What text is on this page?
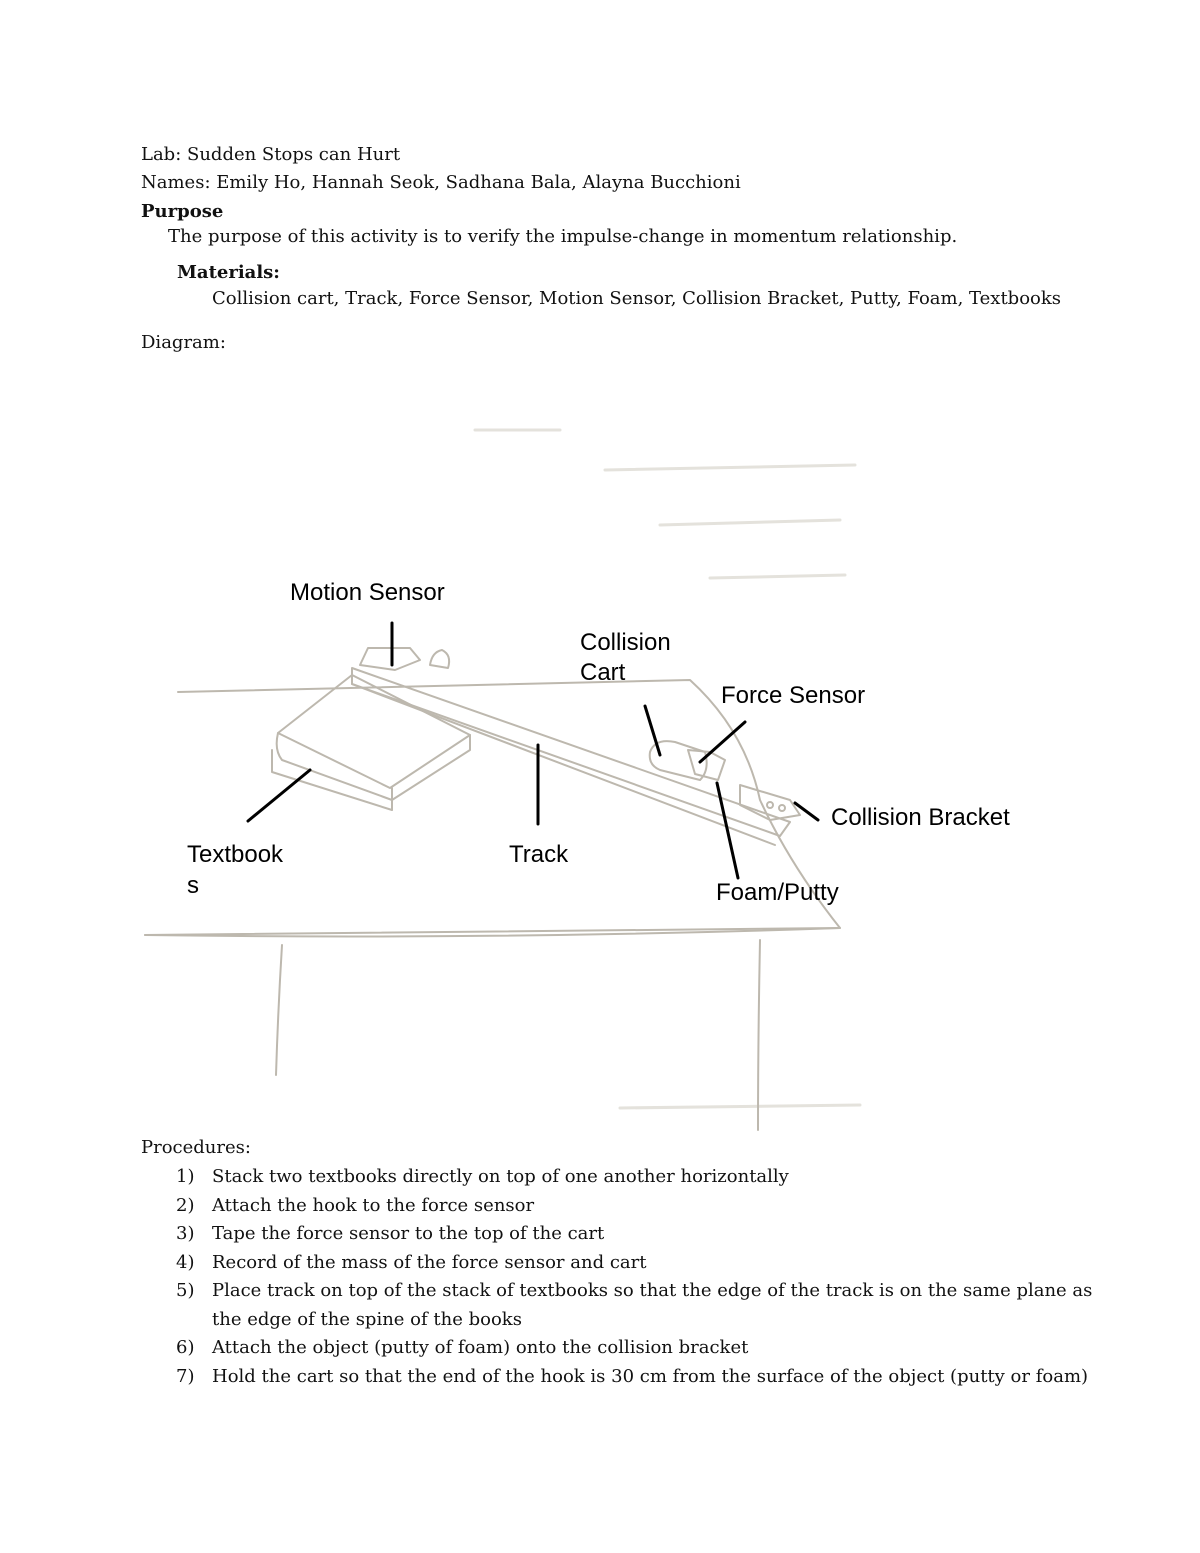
Lab: Sudden Stops can Hurt
Names: Emily Ho, Hannah Seok, Sadhana Bala, Alayna Bucchioni
Purpose
The purpose of this activity is to verify the impulse-change in momentum relationship.
Materials:
Collision cart, Track, Force Sensor, Motion Sensor, Collision Bracket, Putty, Foam, Textbooks
Diagram:
Motion Sensor
Collision
Cart
Force Sensor
Collision Bracket
Textbook
s
Track
Foam/Putty
Procedures:
1) Stack two textbooks directly on top of one another horizontally
2) Attach the hook to the force sensor
3) Tape the force sensor to the top of the cart
4) Record of the mass of the force sensor and cart
5) Place track on top of the stack of textbooks so that the edge of the track is on the same plane as
the edge of the spine of the books
6) Attach the object (putty of foam) onto the collision bracket
7) Hold the cart so that the end of the hook is 30 cm from the surface of the object (putty or foam)
